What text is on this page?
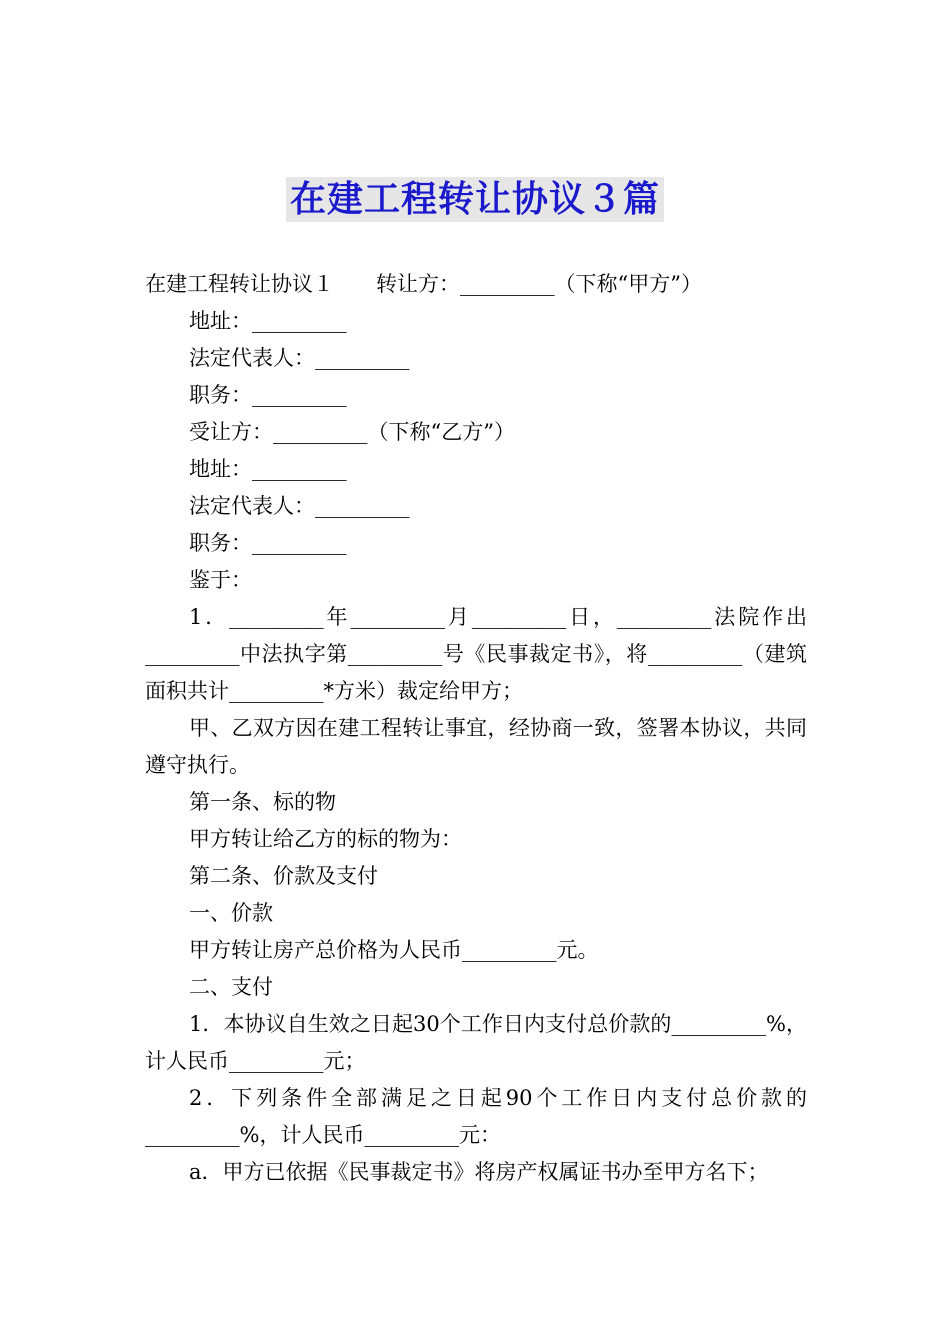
在建工程转让协议３篇

在建工程转让协议１　　转让方：_________（下称“甲方”）

地址：_________

法定代表人：_________

职务：_________

受让方：_________（下称“乙方”）

地址：_________

法定代表人：_________

职务：_________

鉴于：

1．_________年_________月_________日，_________法院作出_________中法执字第_________号《民事裁定书》，将_________（建筑面积共计_________*方米）裁定给甲方；

甲、乙双方因在建工程转让事宜，经协商一致，签署本协议，共同遵守执行。

第一条、标的物

甲方转让给乙方的标的物为：

第二条、价款及支付

一、价款

甲方转让房产总价格为人民币_________元。

二、支付

1．本协议自生效之日起30个工作日内支付总价款的_________%，计人民币_________元；

2．下列条件全部满足之日起90个工作日内支付总价款的_________%，计人民币_________元：

a．甲方已依据《民事裁定书》将房产权属证书办至甲方名下；
